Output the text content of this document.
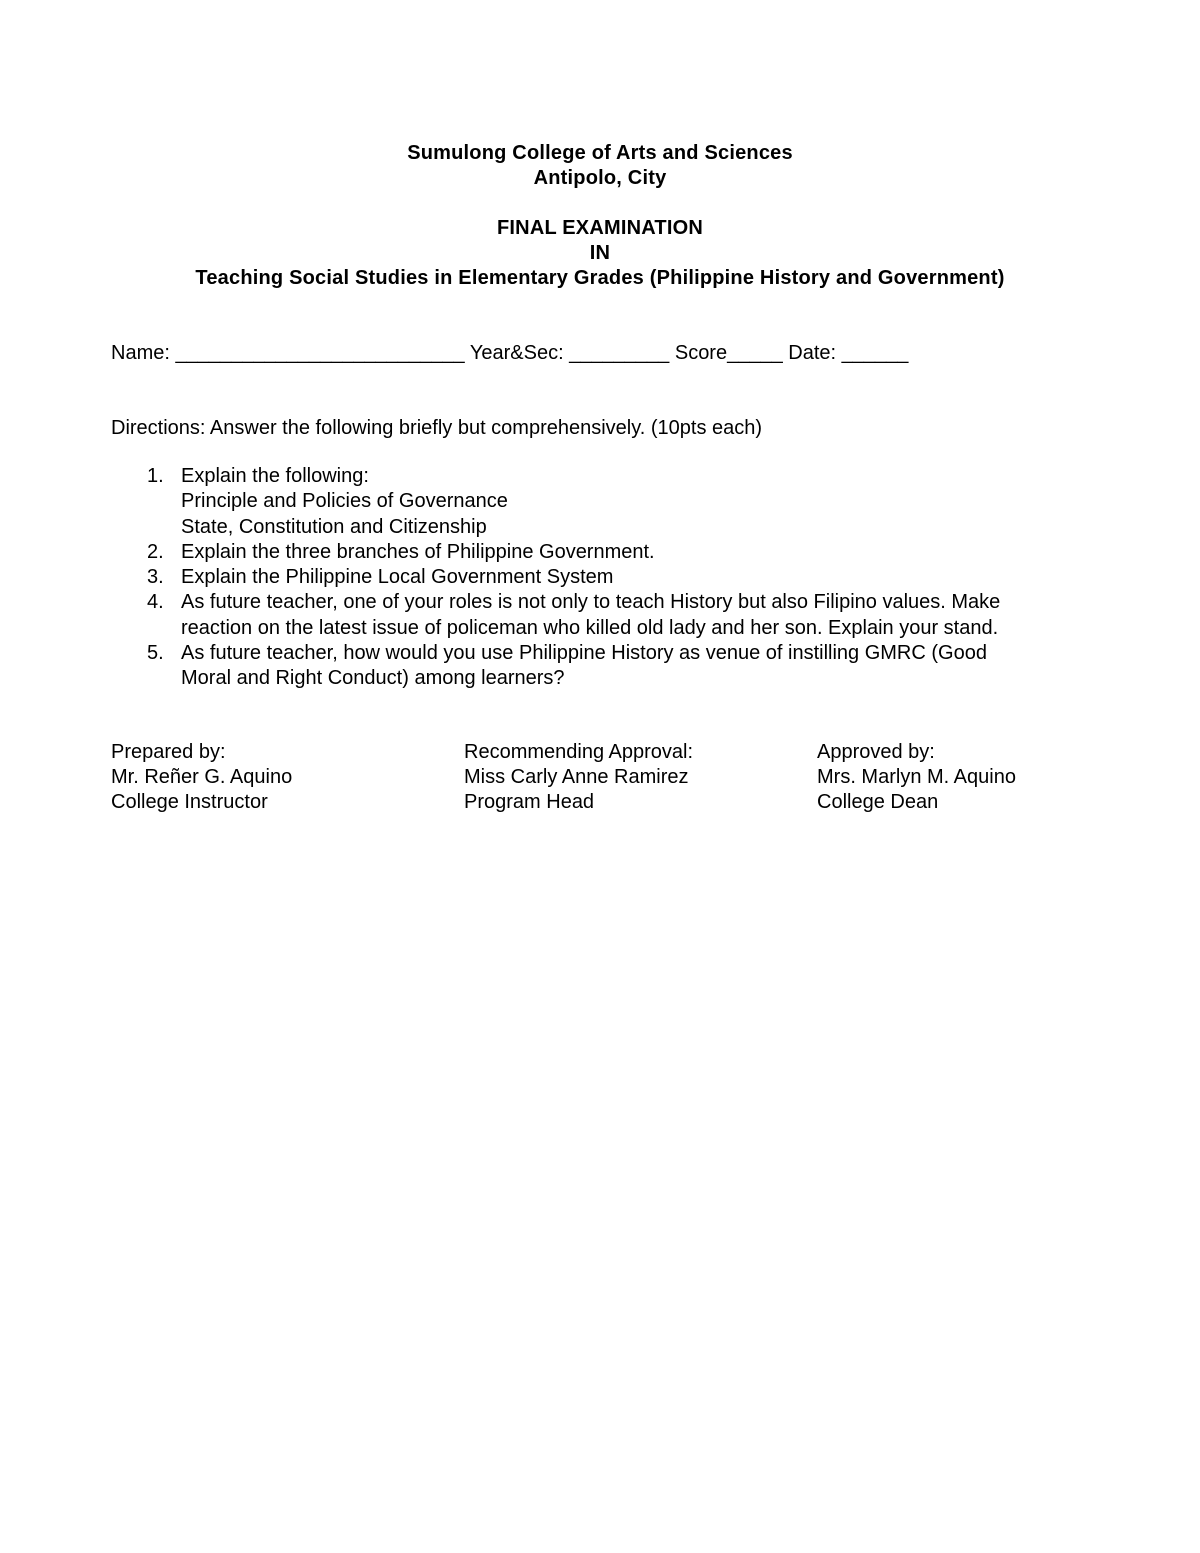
Sumulong College of Arts and Sciences
Antipolo, City
FINAL EXAMINATION
IN
Teaching Social Studies in Elementary Grades (Philippine History and Government)
Name: __________________________ Year&Sec: _________ Score_____ Date: ______
Directions: Answer the following briefly but comprehensively. (10pts each)
1. Explain the following:
Principle and Policies of Governance
State, Constitution and Citizenship
2. Explain the three branches of Philippine Government.
3. Explain the Philippine Local Government System
4. As future teacher, one of your roles is not only to teach History but also Filipino values. Make
reaction on the latest issue of policeman who killed old lady and her son. Explain your stand.
5. As future teacher, how would you use Philippine History as venue of instilling GMRC (Good
Moral and Right Conduct) among learners?
Prepared by:
Mr. Reñer G. Aquino
College Instructor
Recommending Approval:
Miss Carly Anne Ramirez
Program Head
Approved by:
Mrs. Marlyn M. Aquino
College Dean
